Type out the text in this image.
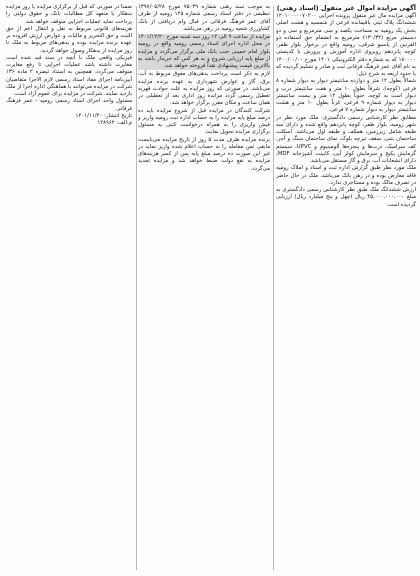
آگهی مزایده اموال غیر منقول (اسناد رهنی)

آگهی مزایده مال غیر منقول پرونده اجرایی ۱۴۰۱۰۰۰۰۰۷۰۲۰۰ ششدانگ پلاک ثبتی باقیمانده فرعی از شمسیه و هشت اصلی بخش یک رومیه به مساحت یکصد و سی مترمربع و سی و دو دسیمتر مربع (۱۳۰/۳۲) مترمربع به انضمام حق استفاده ذو القرنین از پاسیو شرقی، رومیه واقع در برخوار بلوار ظفر، کوچه پانزدهم روبروی اداره آموزش و پرورش با کدپستی ۱۸۰۰۰۰ که به شماره دفتر الکترونیکی ۱۴۰۱ مورخ ۱۴۰۰/۰۰/۰۰ به نام آقای عمر فرهنگ فرقانی ثبت و صادر و تسلیم گردیده که با حدود اربعه به شرح ذیل:

شمالاً بطول ۱۲ متر و دوازده سانتیمتر دیوار به دیوار شماره ۸ فرعی (کوچه)، شرقاً بطول ۱۰ متر و هفت سانتیمتر درب و دیوار است به کوچه، جنوباً بطول ۱۲ متر و بیست سانتیمتر دیوار به دیوار شماره ۹ فرعی، غرباً بطول ۱۰ متر و هشت سانتیمتر دیوار به دیوار شماره ۷ فرعی.

مطابق نظر کارشناس رسمی دادگستری: ملک مورد نظر در شهر رومیه، بلوار ظفر، کوچه پانزدهم واقع شده و دارای سه طبقه شامل زیرزمین، همکف و طبقه اول می‌باشد. اسکلت ساختمان بتنی، سقف تیرچه بلوک، نمای ساختمان سنگ و آجر، کف سرامیک، درب‌ها و پنجره‌ها آلومینیوم و UPVC، سیستم گرمایش پکیج و سرمایش کولر آبی، کابینت آشپزخانه MDF، دارای انشعابات آب، برق و گاز مستقل می‌باشد.

ملک مورد نظر طبق گزارش اداره ثبت و اسناد و املاک رومیه فاقد معارض بوده و در رهن بانک می‌باشد. ملک در حال حاضر در تصرف مالک بوده و مستاجری ندارد.

ارزش ششدانگ ملک طبق نظر کارشناس رسمی دادگستری به مبلغ ۴۵,۰۰۰,۰۰۰,۰۰۰ ریال (چهل و پنج میلیارد ریال) ارزیابی گردیده است.

به موجب سند رهنی شماره ۷۵۰۳۹ مورخ ۱۳۹۷/۰۵/۲۸ تنظیمی در دفتر اسناد رسمی شماره ۱۲۵ رومیه از طرف آقای عمر فرهنگ فرقانی در قبال وام دریافتی از بانک کشاورزی شعبه رومیه در رهن می‌باشد.

مزایده از ساعت ۹ الی ۱۲ روز سه شنبه مورخ ۱۴۰۱/۱۲/۲۰ در محل اداره اجرای اسناد رسمی رومیه واقع در رومیه بلوار امام خمینی جنب بانک ملی برگزار می‌گردد و مزایده از مبلغ پایه ارزیابی شروع و به هر کس که خریدار باشد به بالاترین قیمت پیشنهادی نقداً فروخته خواهد شد.

لازم به ذکر است پرداخت بدهی‌های معوق مربوط به آب، برق، گاز و عوارض شهرداری به عهده برنده مزایده می‌باشد. در صورتی که روز مزایده به علت حوادث قهریه تعطیل رسمی گردد مزایده روز اداری بعد از تعطیلی در همان ساعت و مکان مقرر برگزار خواهد شد.

شرکت کنندگان در مزایده قبل از شروع مزایده باید ده درصد مبلغ پایه مزایده را به حساب اداره ثبت رومیه واریز و فیش واریزی را به همراه درخواست کتبی به مسئول برگزاری مزایده تحویل نمایند.

برنده مزایده ظرف مدت ۵ روز از تاریخ مزایده می‌بایست مابقی ثمن معامله را به حساب اعلام شده واریز نماید در غیر این صورت ده درصد مبلغ پایه پس از کسر هزینه‌های مزایده به نفع دولت ضبط خواهد شد و مزایده تجدید می‌گردد.

ضمناً در صورتی که قبل از برگزاری مزایده یا روز مزایده بدهکار یا متعهد کل مطالبات بانک و حقوق دولتی را پرداخت نماید عملیات اجرایی متوقف خواهد شد.

هزینه‌های قانونی مربوط به نقل و انتقال اعم از حق الثبت و حق التحریر و مالیات و عوارض ارزش افزوده بر عهده برنده مزایده بوده و بدهی‌های مربوط به ملک تا روز مزایده از بدهکار وصول خواهد گردید.

فیزیکی واقعی ملک با آنچه در سند قید شده است مغایرت داشته باشد عملیات اجرایی تا رفع مغایرت متوقف می‌گردد. همچنین به استناد تبصره ۲ ماده ۱۳۶ آیین‌نامه اجرای مفاد اسناد رسمی لازم الاجرا متقاضیان شرکت در مزایده می‌توانند با هماهنگی اداره اجرا از ملک بازدید نمایند. شرکت در مزایده برای عموم آزاد است.

مسئول واحد اجرای اسناد رسمی رومیه - عمر فرهنگ فرقانی

تاریخ انتشار: ۱۴۰۱/۱۱/۲۰

م.الف: ۱۲۸۹۶۴
